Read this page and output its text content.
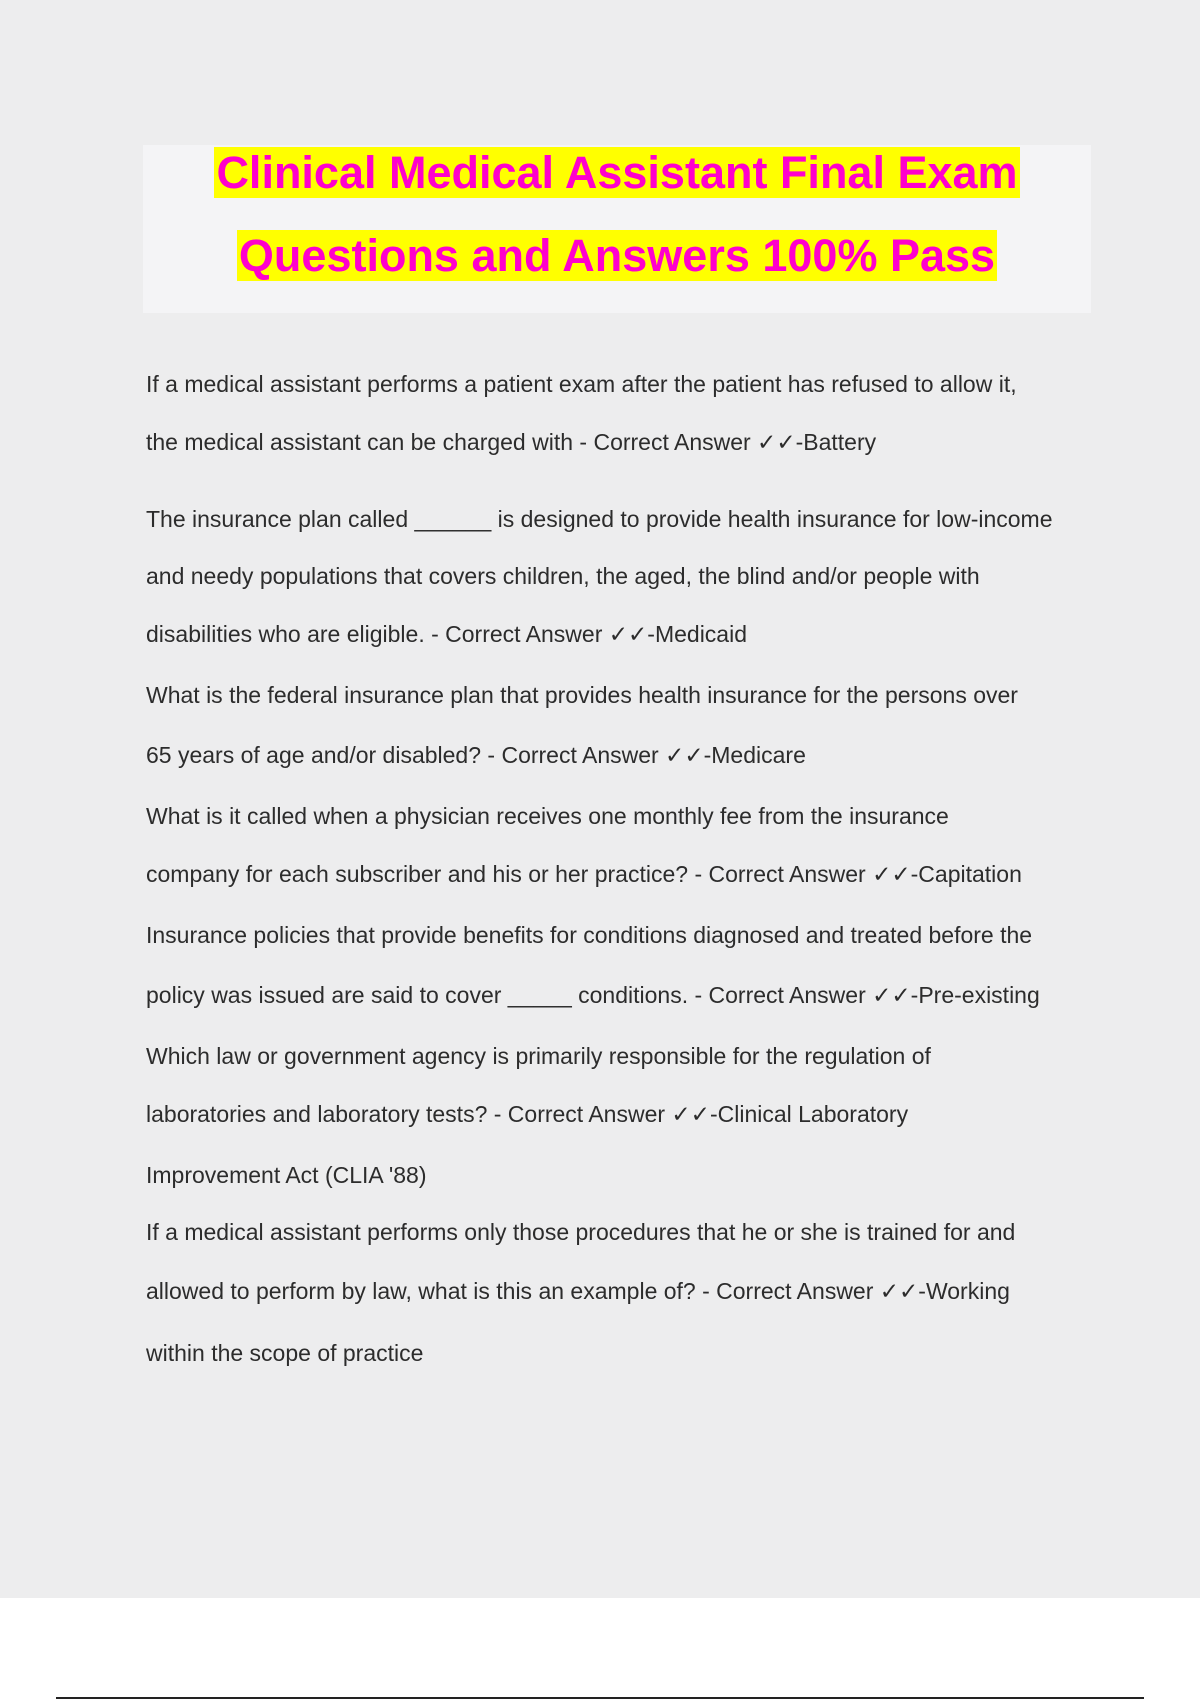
Clinical Medical Assistant Final Exam
Questions and Answers 100% Pass
If a medical assistant performs a patient exam after the patient has refused to allow it,
the medical assistant can be charged with - Correct Answer ✓✓-Battery
The insurance plan called ______ is designed to provide health insurance for low-income
and needy populations that covers children, the aged, the blind and/or people with
disabilities who are eligible. - Correct Answer ✓✓-Medicaid
What is the federal insurance plan that provides health insurance for the persons over
65 years of age and/or disabled? - Correct Answer ✓✓-Medicare
What is it called when a physician receives one monthly fee from the insurance
company for each subscriber and his or her practice? - Correct Answer ✓✓-Capitation
Insurance policies that provide benefits for conditions diagnosed and treated before the
policy was issued are said to cover _____ conditions. - Correct Answer ✓✓-Pre-existing
Which law or government agency is primarily responsible for the regulation of
laboratories and laboratory tests? - Correct Answer ✓✓-Clinical Laboratory
Improvement Act (CLIA '88)
If a medical assistant performs only those procedures that he or she is trained for and
allowed to perform by law, what is this an example of? - Correct Answer ✓✓-Working
within the scope of practice
